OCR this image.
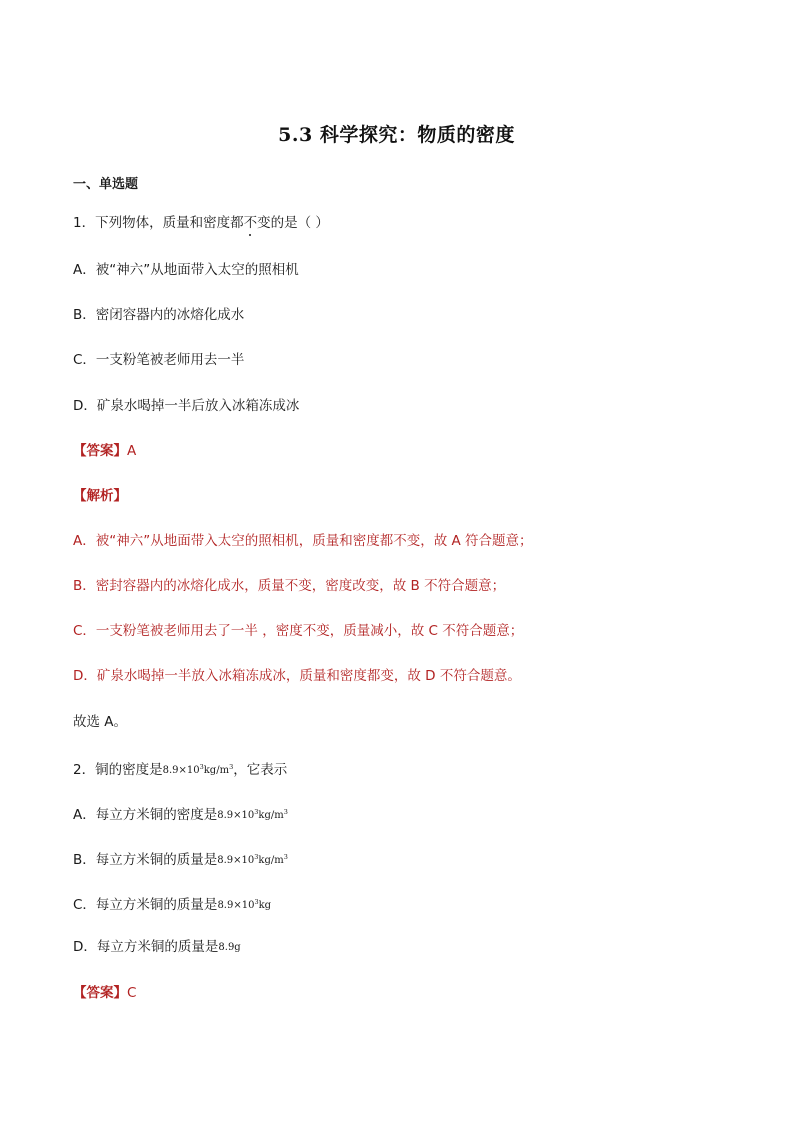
5.3 科学探究：物质的密度
一、单选题
1．下列物体，质量和密度都不变的是（ ）
A．被“神六”从地面带入太空的照相机
B．密闭容器内的冰熔化成水
C．一支粉笔被老师用去一半
D．矿泉水喝掉一半后放入冰箱冻成冰
【答案】A
【解析】
A．被“神六”从地面带入太空的照相机，质量和密度都不变，故 A 符合题意；
B．密封容器内的冰熔化成水，质量不变，密度改变，故 B 不符合题意；
C．一支粉笔被老师用去了一半 ，密度不变，质量减小，故 C 不符合题意；
D．矿泉水喝掉一半放入冰箱冻成冰，质量和密度都变，故 D 不符合题意。
故选 A。
2．铜的密度是$8.9\times 10^3kg/m^3$，它表示
A．每立方米铜的密度是$8.9\times 10^3kg/m^3$
B．每立方米铜的质量是$8.9\times 10^3kg/m^3$
C．每立方米铜的质量是$8.9\times 10^3kg$
D．每立方米铜的质量是8.9g
【答案】C
